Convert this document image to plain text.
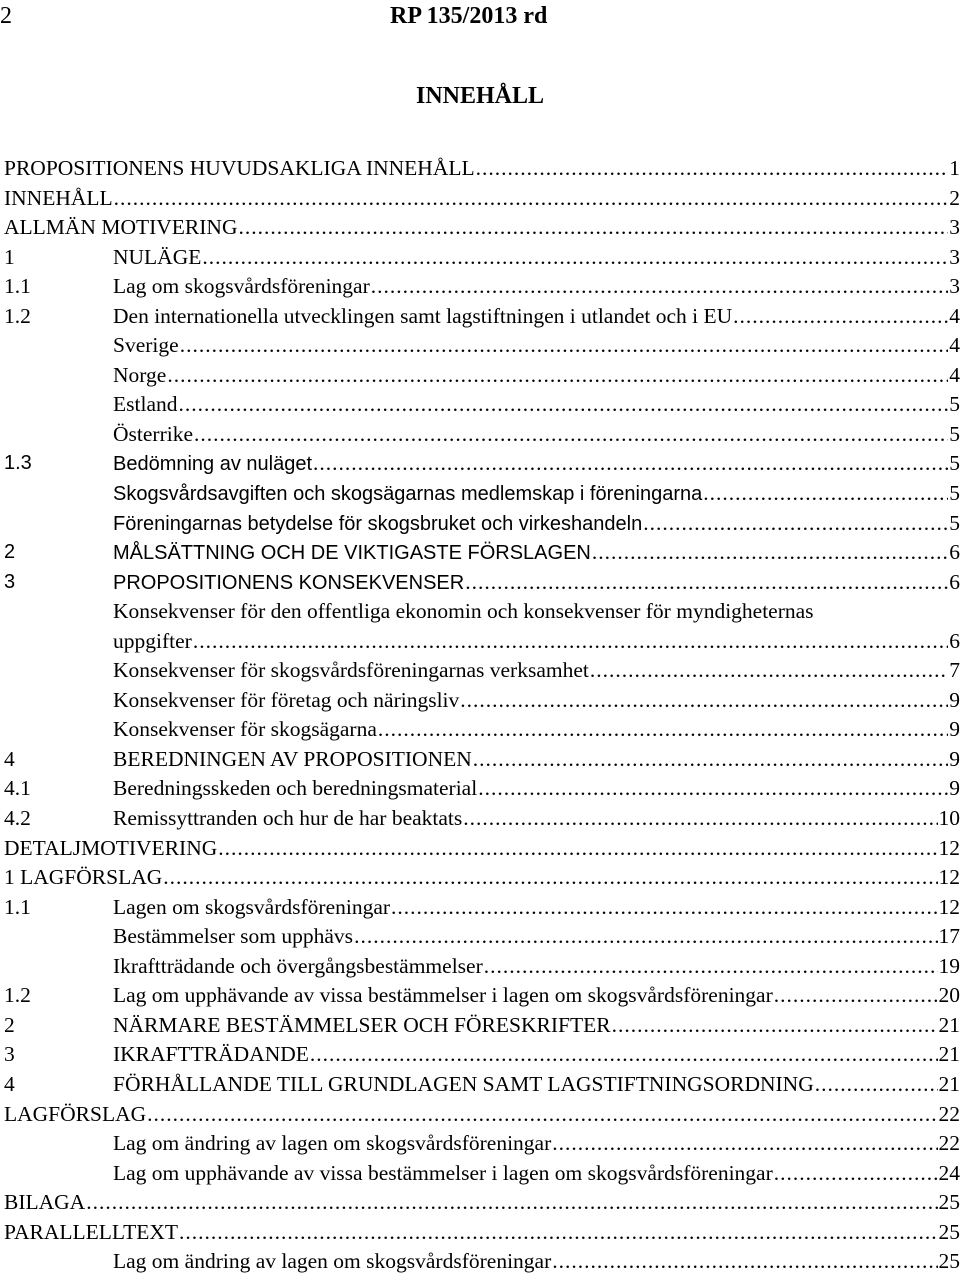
2	RP 135/2013 rd
INNEHÅLL
PROPOSITIONENS HUVUDSAKLIGA INNEHÅLL .....	1
INNEHÅLL .....	2
ALLMÄN MOTIVERING .....	3
1	NULÄGE .....	3
1.1	Lag om skogsvårdsföreningar .....	3
1.2	Den internationella utvecklingen samt lagstiftningen i utlandet och i EU .....	4
Sverige .....	4
Norge .....	4
Estland .....	5
Österrike .....	5
1.3	Bedömning av nuläget .....	5
Skogsvårdsavgiften och skogsägarnas medlemskap i föreningarna .....	5
Föreningarnas betydelse för skogsbruket och virkeshandeln .....	5
2	MÅLSÄTTNING OCH DE VIKTIGASTE FÖRSLAGEN .....	6
3	PROPOSITIONENS KONSEKVENSER .....	6
Konsekvenser för den offentliga ekonomin och konsekvenser för myndigheternas
uppgifter .....	6
Konsekvenser för skogsvårdsföreningarnas verksamhet .....	7
Konsekvenser för företag och näringsliv .....	9
Konsekvenser för skogsägarna .....	9
4	BEREDNINGEN AV PROPOSITIONEN .....	9
4.1	Beredningsskeden och beredningsmaterial .....	9
4.2	Remissyttranden och hur de har beaktats .....	10
DETALJMOTIVERING .....	12
1 LAGFÖRSLAG .....	12
1.1	Lagen om skogsvårdsföreningar .....	12
Bestämmelser som upphävs .....	17
Ikraftträdande och övergångsbestämmelser .....	19
1.2	Lag om upphävande av vissa bestämmelser i lagen om skogsvårdsföreningar .....	20
2	NÄRMARE BESTÄMMELSER OCH FÖRESKRIFTER .....	21
3	IKRAFTTRÄDANDE .....	21
4	FÖRHÅLLANDE TILL GRUNDLAGEN SAMT LAGSTIFTNINGSORDNING .....	21
LAGFÖRSLAG .....	22
Lag om ändring av lagen om skogsvårdsföreningar .....	22
Lag om upphävande av vissa bestämmelser i lagen om skogsvårdsföreningar .....	24
BILAGA .....	25
PARALLELLTEXT .....	25
Lag om ändring av lagen om skogsvårdsföreningar .....	25
